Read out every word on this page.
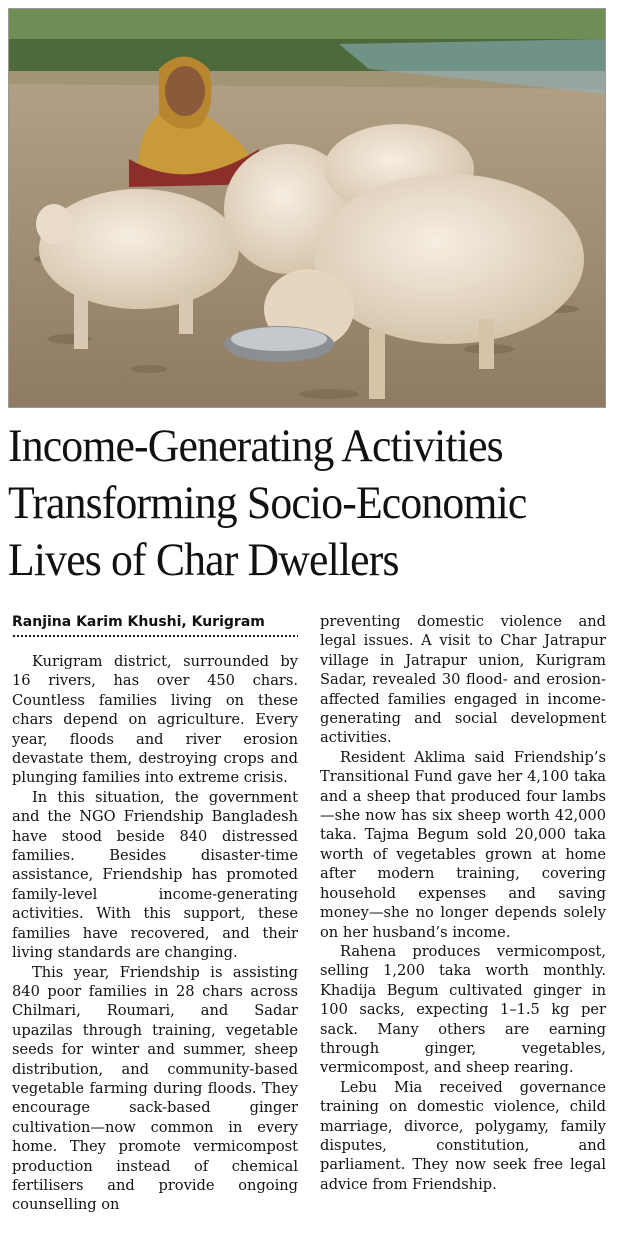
Income-Generating Activities
Transforming Socio-Economic
Lives of Char Dwellers
Ranjina Karim Khushi, Kurigram

Kurigram district, surrounded by 16 rivers, has over 450 chars. Countless families living on these chars depend on agriculture. Every year, floods and river erosion devastate them, destroying crops and plunging families into extreme crisis.

In this situation, the government and the NGO Friendship Bangladesh have stood beside 840 distressed families. Besides disaster-time assistance, Friendship has promoted family-level income-generating activities. With this support, these families have recovered, and their living standards are changing.

This year, Friendship is assisting 840 poor families in 28 chars across Chilmari, Roumari, and Sadar upazilas through training, vegetable seeds for winter and summer, sheep distribution, and community-based vegetable farming during floods. They encourage sack-based ginger cultivation—now common in every home. They promote vermicompost production instead of chemical fertilisers and provide ongoing counselling on

preventing domestic violence and legal issues. A visit to Char Jatrapur village in Jatrapur union, Kurigram Sadar, revealed 30 flood- and erosion-affected families engaged in income-generating and social development activities.

Resident Aklima said Friendship’s Transitional Fund gave her 4,100 taka and a sheep that produced four lambs—she now has six sheep worth 42,000 taka. Tajma Begum sold 20,000 taka worth of vegetables grown at home after modern training, covering household expenses and saving money—she no longer depends solely on her husband’s income.

Rahena produces vermicompost, selling 1,200 taka worth monthly. Khadija Begum cultivated ginger in 100 sacks, expecting 1–1.5 kg per sack. Many others are earning through ginger, vegetables, vermicompost, and sheep rearing.

Lebu Mia received governance training on domestic violence, child marriage, divorce, polygamy, family disputes, constitution, and parliament. They now seek free legal advice from Friendship.
